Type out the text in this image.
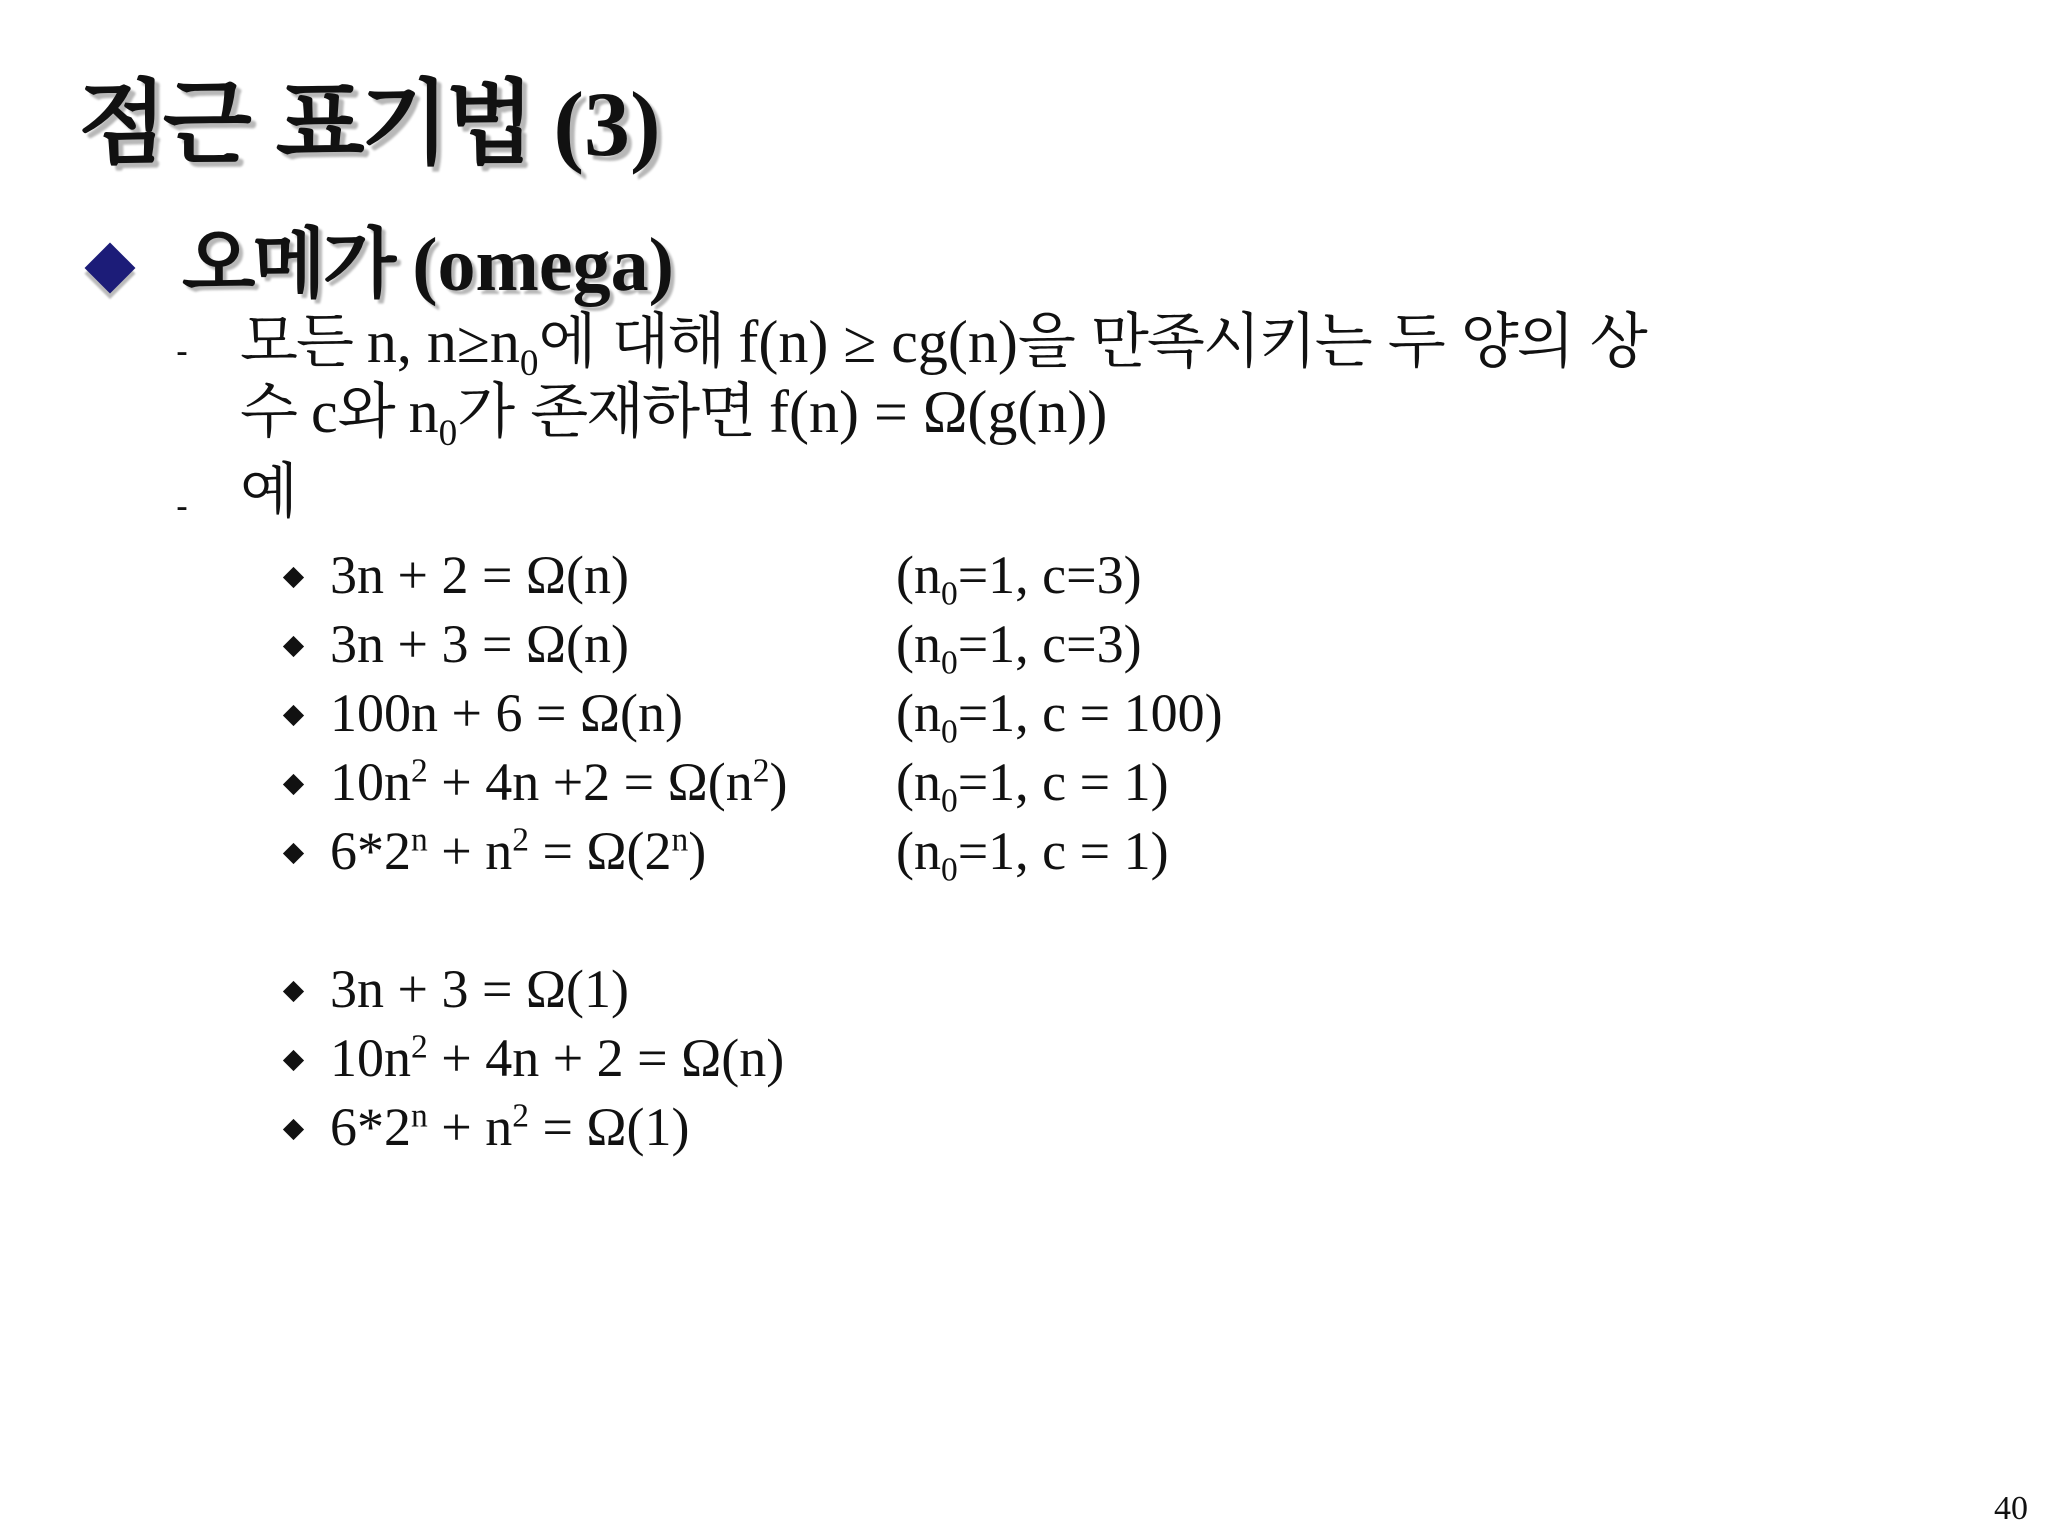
점근 표기법 (3)
오메가 (omega)
- 모든 n, $n\ge n_0$에 대해 f(n) ≥ cg(n)을 만족시키는 두 양의 상
수 c와 $n_0$가 존재하면 f(n) = Ω(g(n))
- 예
3n + 2 = Ω(n)	($n_0=1$, c=3)
3n + 3 = Ω(n)	($n_0=1$, c=3)
100n + 6 = Ω(n)	($n_0=1$, c = 100)
$10n^2 + 4n +2 = \Omega(n^2)$ ($n_0=1$, c = 1)
$6*2^n + n^2 = \Omega(2^n)$	($n_0=1$, c = 1)
3n + 3 = Ω(1)
$10n^2 + 4n + 2 = \Omega(n)$
$6*2^n + n^2 = \Omega(1)$
40
